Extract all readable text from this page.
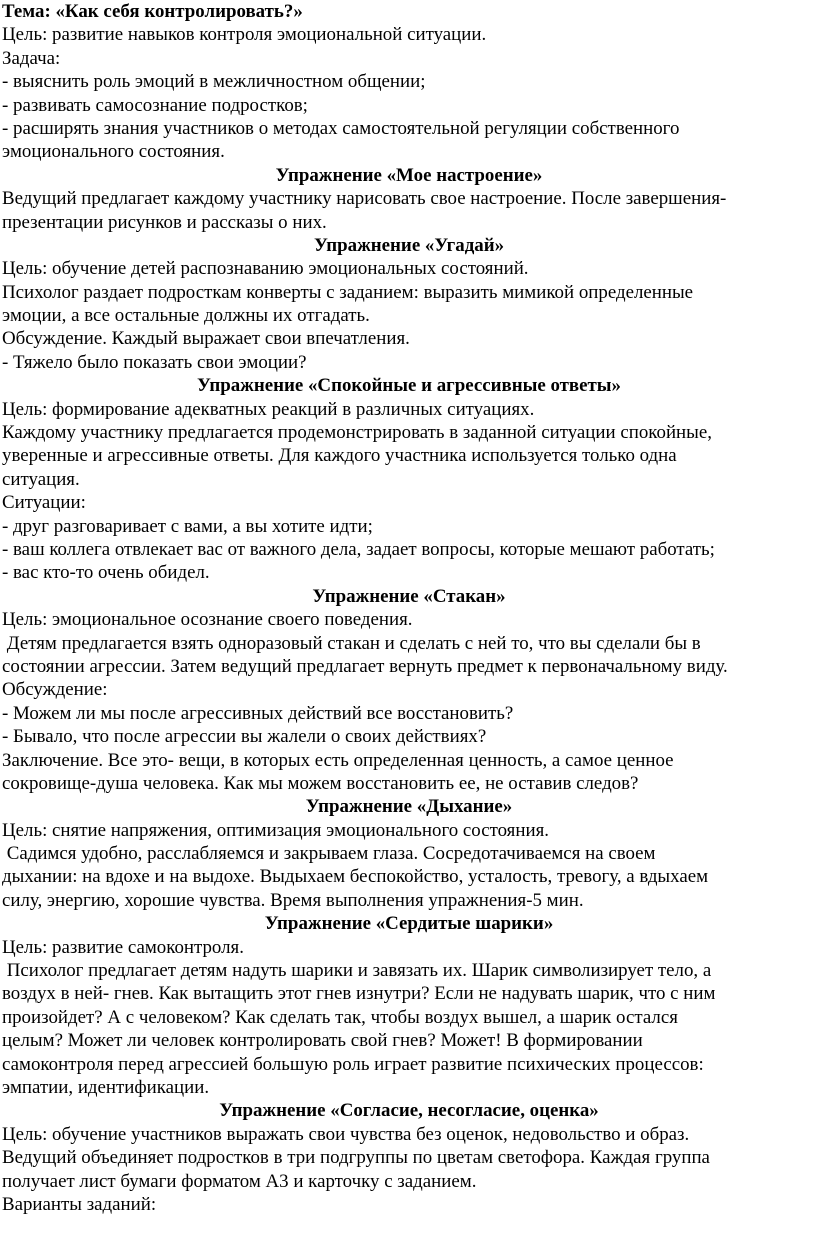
Тема: «Как себя контролировать?»

Цель: развитие навыков контроля эмоциональной ситуации.

Задача:

- выяснить роль эмоций в межличностном общении;

- развивать самосознание подростков;

- расширять знания участников о методах самостоятельной регуляции собственного

эмоционального состояния.

Упражнение «Мое настроение»

Ведущий предлагает каждому участнику нарисовать свое настроение. После завершения-

презентации рисунков и рассказы о них.

Упражнение «Угадай»

Цель: обучение детей распознаванию эмоциональных состояний.

Психолог раздает подросткам конверты с заданием: выразить мимикой определенные

эмоции, а все остальные должны их отгадать.

Обсуждение. Каждый выражает свои впечатления.

- Тяжело было показать свои эмоции?

Упражнение «Спокойные и агрессивные ответы»

Цель: формирование адекватных реакций в различных ситуациях.

Каждому участнику предлагается продемонстрировать в заданной ситуации спокойные,

уверенные и агрессивные ответы. Для каждого участника используется только одна

ситуация.

Ситуации:

- друг разговаривает с вами, а вы хотите идти;

- ваш коллега отвлекает вас от важного дела, задает вопросы, которые мешают работать;

- вас кто-то очень обидел.

Упражнение «Стакан»

Цель: эмоциональное осознание своего поведения.

Детям предлагается взять одноразовый стакан и сделать с ней то, что вы сделали бы в

состоянии агрессии. Затем ведущий предлагает вернуть предмет к первоначальному виду.

Обсуждение:

- Можем ли мы после агрессивных действий все восстановить?

- Бывало, что после агрессии вы жалели о своих действиях?

Заключение. Все это- вещи, в которых есть определенная ценность, а самое ценное

сокровище-душа человека. Как мы можем восстановить ее, не оставив следов?

Упражнение «Дыхание»

Цель: снятие напряжения, оптимизация эмоционального состояния.

Садимся удобно, расслабляемся и закрываем глаза. Сосредотачиваемся на своем

дыхании: на вдохе и на выдохе. Выдыхаем беспокойство, усталость, тревогу, а вдыхаем

силу, энергию, хорошие чувства. Время выполнения упражнения-5 мин.

Упражнение «Сердитые шарики»

Цель: развитие самоконтроля.

Психолог предлагает детям надуть шарики и завязать их. Шарик символизирует тело, а

воздух в ней- гнев. Как вытащить этот гнев изнутри? Если не надувать шарик, что с ним

произойдет? А с человеком? Как сделать так, чтобы воздух вышел, а шарик остался

целым? Может ли человек контролировать свой гнев? Может! В формировании

самоконтроля перед агрессией большую роль играет развитие психических процессов:

эмпатии, идентификации.

Упражнение «Согласие, несогласие, оценка»

Цель: обучение участников выражать свои чувства без оценок, недовольство и образ.

Ведущий объединяет подростков в три подгруппы по цветам светофора. Каждая группа

получает лист бумаги форматом А3 и карточку с заданием.

Варианты заданий:
